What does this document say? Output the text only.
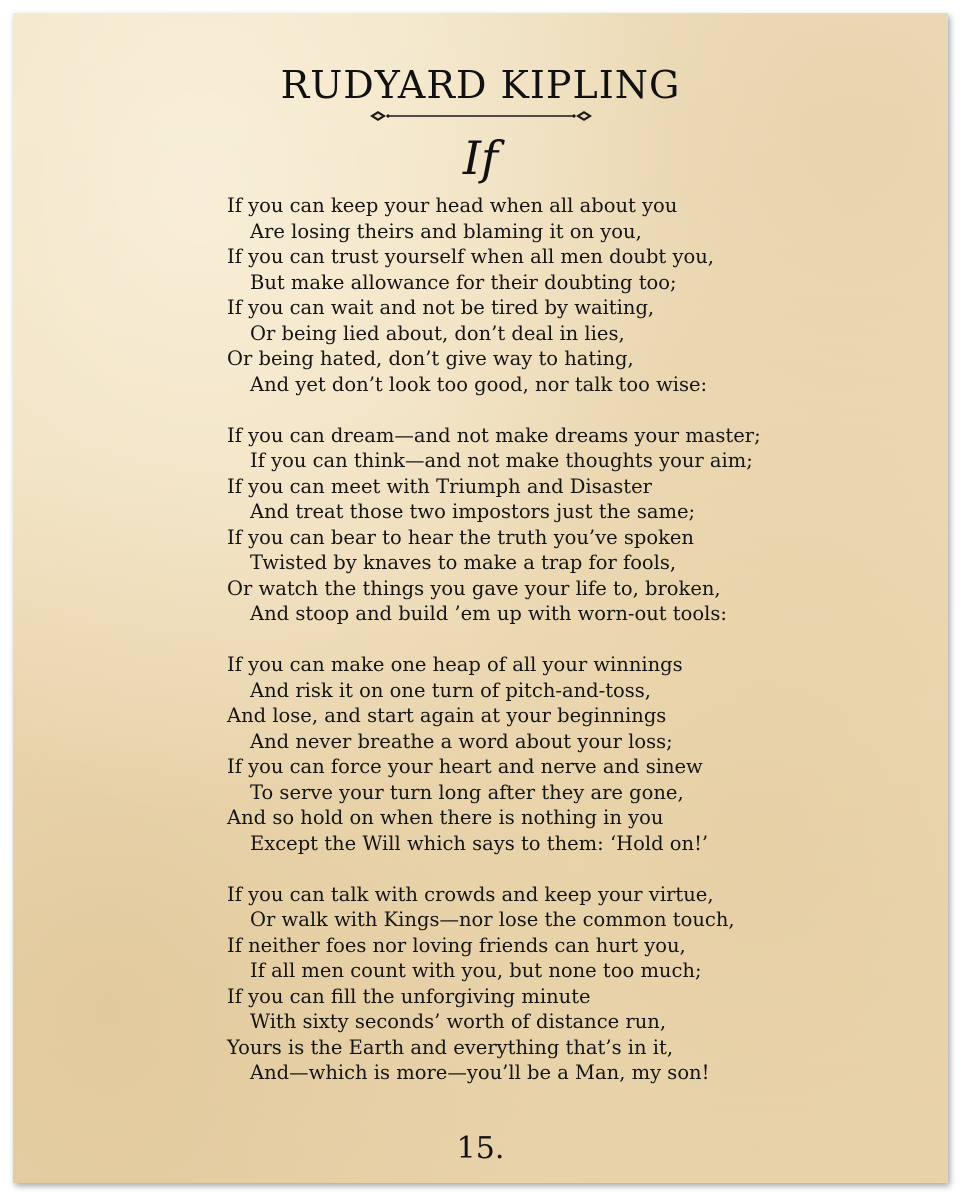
RUDYARD KIPLING
If
If you can keep your head when all about you
Are losing theirs and blaming it on you,
If you can trust yourself when all men doubt you,
But make allowance for their doubting too;
If you can wait and not be tired by waiting,
Or being lied about, don’t deal in lies,
Or being hated, don’t give way to hating,
And yet don’t look too good, nor talk too wise:
If you can dream—and not make dreams your master;
If you can think—and not make thoughts your aim;
If you can meet with Triumph and Disaster
And treat those two impostors just the same;
If you can bear to hear the truth you’ve spoken
Twisted by knaves to make a trap for fools,
Or watch the things you gave your life to, broken,
And stoop and build ’em up with worn-out tools:
If you can make one heap of all your winnings
And risk it on one turn of pitch-and-toss,
And lose, and start again at your beginnings
And never breathe a word about your loss;
If you can force your heart and nerve and sinew
To serve your turn long after they are gone,
And so hold on when there is nothing in you
Except the Will which says to them: ‘Hold on!’
If you can talk with crowds and keep your virtue,
Or walk with Kings—nor lose the common touch,
If neither foes nor loving friends can hurt you,
If all men count with you, but none too much;
If you can fill the unforgiving minute
With sixty seconds’ worth of distance run,
Yours is the Earth and everything that’s in it,
And—which is more—you’ll be a Man, my son!
15.
